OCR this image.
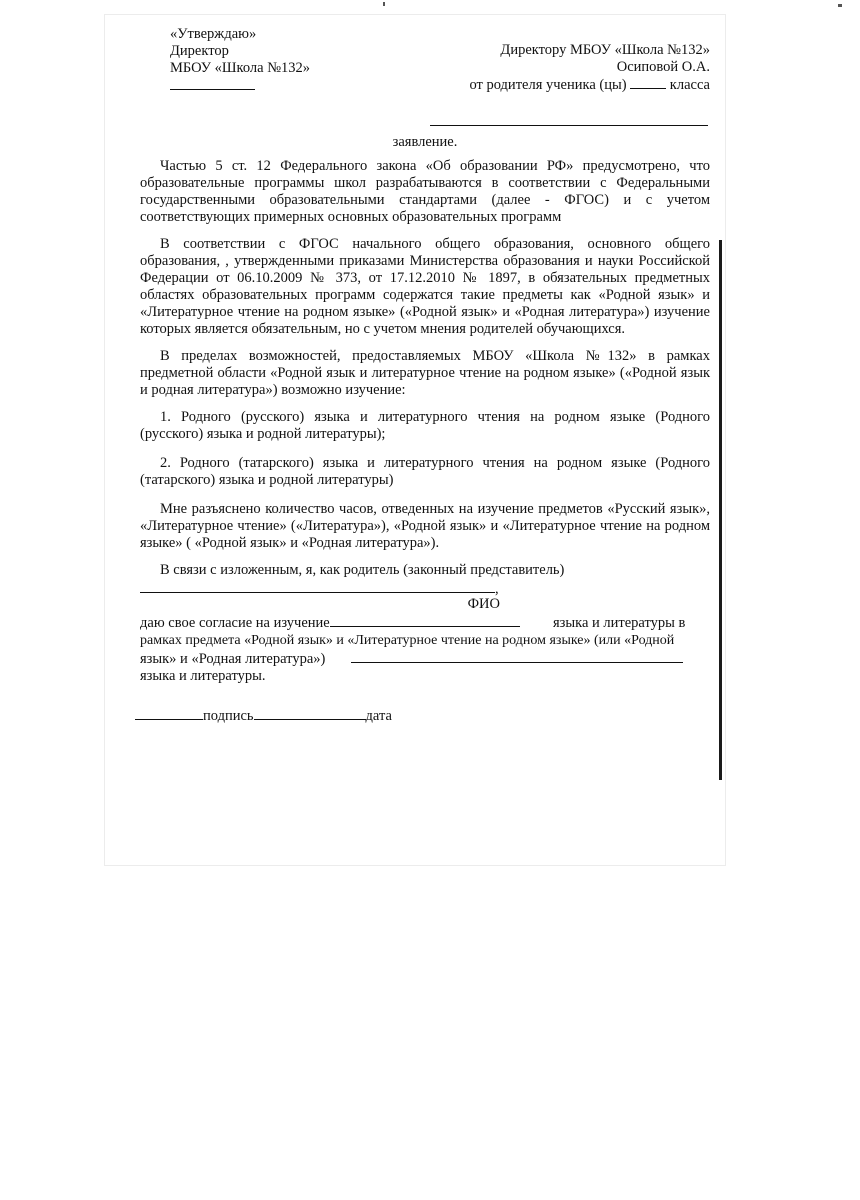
«Утверждаю»
Директор
МБОУ «Школа №132»
Директору МБОУ «Школа №132»
Осиповой О.А.
от родителя ученика (цы)	класса
заявление.

Частью 5 ст. 12 Федерального закона «Об образовании РФ» предусмотрено, что образовательные программы школ разрабатываются в соответствии с Федеральными государственными образовательными стандартами (далее - ФГОС) и с учетом соответствующих примерных основных образовательных программ

В соответствии с ФГОС начального общего образования, основного общего образования, , утвержденными приказами Министерства образования и науки Российской Федерации от 06.10.2009 № 373, от 17.12.2010 № 1897, в обязательных предметных областях образовательных программ содержатся такие предметы как «Родной язык» и «Литературное чтение на родном языке» («Родной язык» и «Родная литература») изучение которых является обязательным, но с учетом мнения родителей обучающихся.

В пределах возможностей, предоставляемых МБОУ «Школа №132» в рамках предметной области «Родной язык и литературное чтение на родном языке» («Родной язык и родная литература») возможно изучение:

1. Родного (русского) языка и литературного чтения на родном языке (Родного (русского) языка и родной литературы);

2. Родного (татарского) языка и литературного чтения на родном языке (Родного (татарского) языка и родной литературы)

Мне разъяснено количество часов, отведенных на изучение предметов «Русский язык», «Литературное чтение» («Литература»), «Родной язык» и «Литературное чтение на родном языке» ( «Родной язык» и «Родная литература»).

В связи с изложенным, я, как родитель (законный представитель)

,
ФИО
даю свое согласие на изучение	языка и литературы в
рамках предмета «Родной язык» и «Литературное чтение на родном языке» (или «Родной
язык» и «Родная литература»)
языка и литературы.
подпись	дата
